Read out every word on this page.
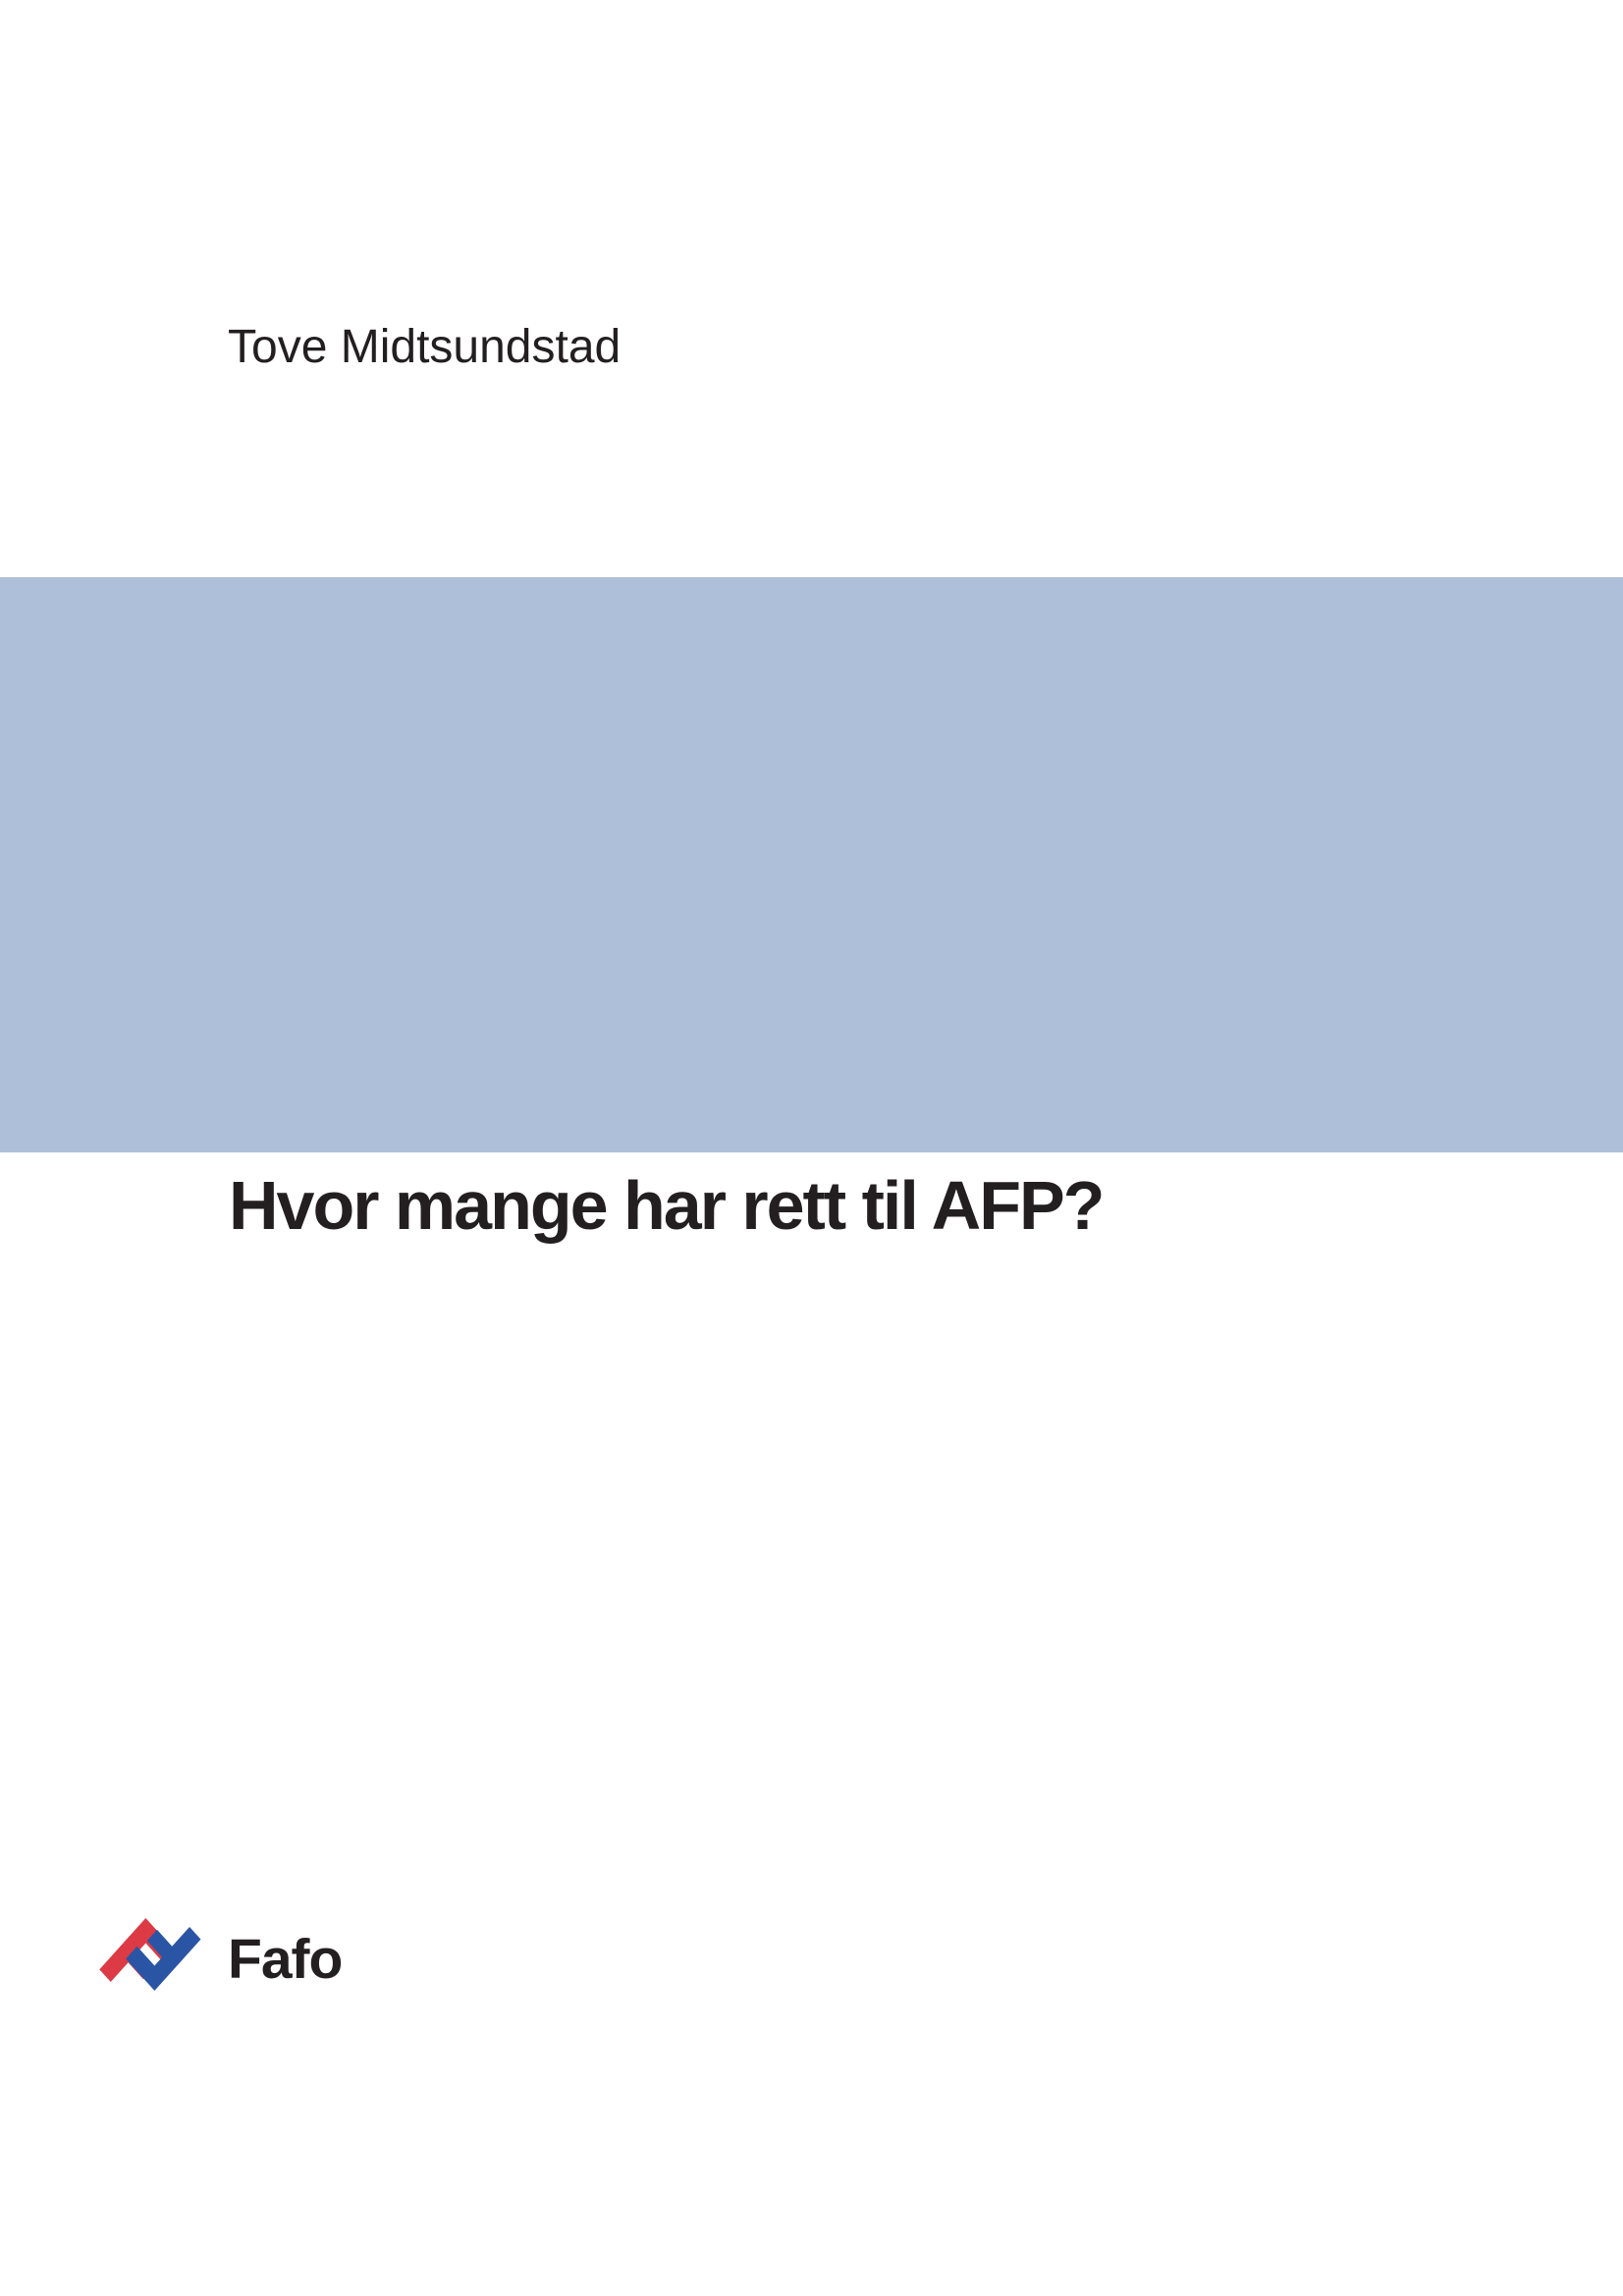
Tove Midtsundstad
Hvor mange har rett til AFP?
Fafo
